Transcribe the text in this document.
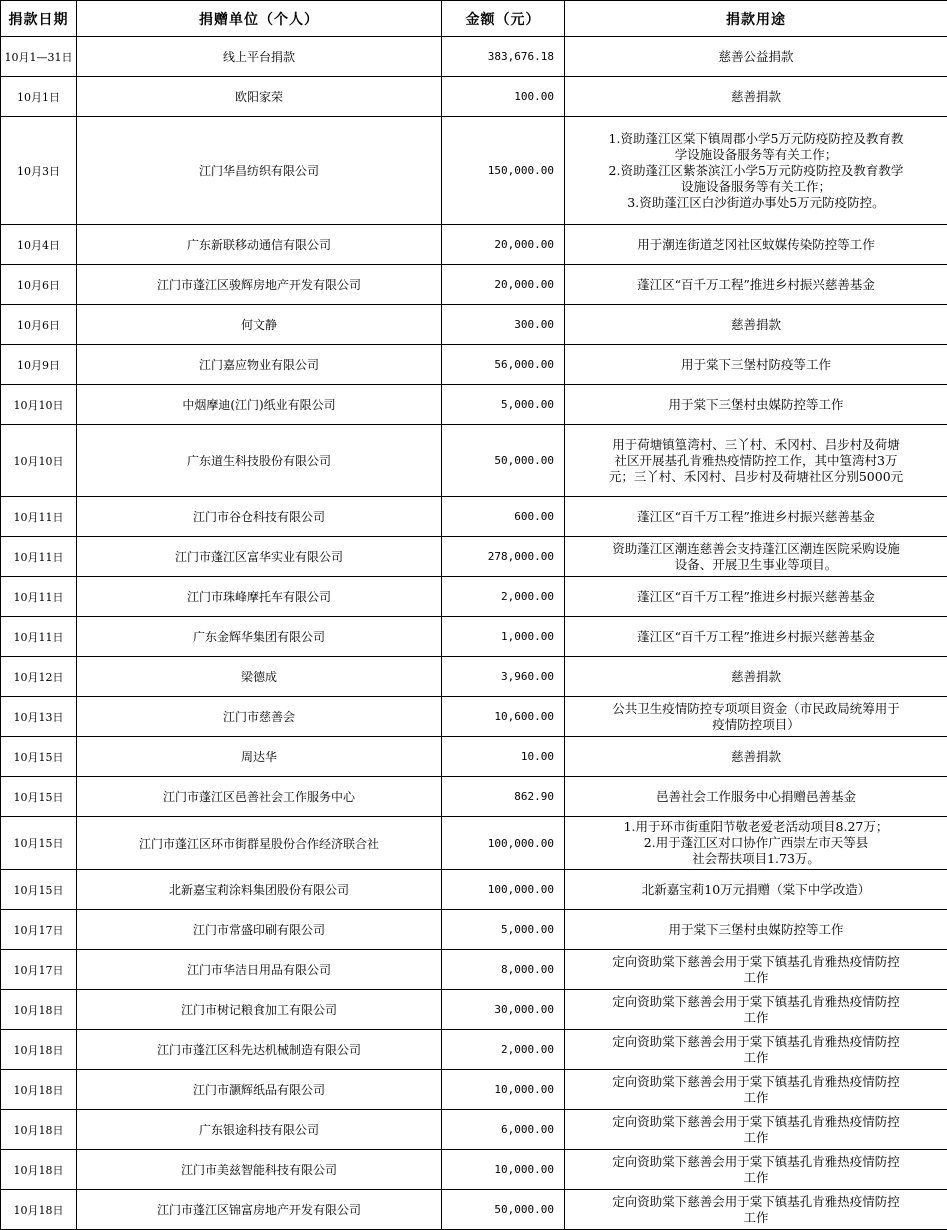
捐款日期	捐赠单位（个人）	金额（元）	捐款用途
10月1—31日	线上平台捐款	383,676.18	慈善公益捐款

10月1日	欧阳家荣	100.00	慈善捐款

10月3日	江门华昌纺织有限公司	150,000.00	1.资助蓬江区棠下镇周郡小学5万元防疫防控及教育教
学设施设备服务等有关工作；
2.资助蓬江区紫茶滨江小学5万元防疫防控及教育教学
设施设备服务等有关工作；
3.资助蓬江区白沙街道办事处5万元防疫防控。

10月4日	广东新联移动通信有限公司	20,000.00	用于潮连街道芝冈社区蚊媒传染防控等工作

10月6日	江门市蓬江区骏辉房地产开发有限公司	20,000.00	蓬江区“百千万工程”推进乡村振兴慈善基金

10月6日	何文静	300.00	慈善捐款

10月9日	江门嘉应物业有限公司	56,000.00	用于棠下三堡村防疫等工作

10月10日	中烟摩迪(江门)纸业有限公司	5,000.00	用于棠下三堡村虫媒防控等工作

10月10日	广东道生科技股份有限公司	50,000.00	用于荷塘镇篁湾村、三丫村、禾冈村、吕步村及荷塘
社区开展基孔肯雅热疫情防控工作，其中篁湾村3万
元；三丫村、禾冈村、吕步村及荷塘社区分别5000元

10月11日	江门市谷仓科技有限公司	600.00	蓬江区“百千万工程”推进乡村振兴慈善基金

10月11日	江门市蓬江区富华实业有限公司	278,000.00	资助蓬江区潮连慈善会支持蓬江区潮连医院采购设施
设备、开展卫生事业等项目。

10月11日	江门市珠峰摩托车有限公司	2,000.00	蓬江区“百千万工程”推进乡村振兴慈善基金

10月11日	广东金辉华集团有限公司	1,000.00	蓬江区“百千万工程”推进乡村振兴慈善基金

10月12日	梁德成	3,960.00	慈善捐款

10月13日	江门市慈善会	10,600.00	公共卫生疫情防控专项项目资金（市民政局统筹用于
疫情防控项目）

10月15日	周达华	10.00	慈善捐款

10月15日	江门市蓬江区邑善社会工作服务中心	862.90	邑善社会工作服务中心捐赠邑善基金

10月15日	江门市蓬江区环市街群星股份合作经济联合社	100,000.00	1.用于环市街重阳节敬老爱老活动项目8.27万；
2.用于蓬江区对口协作广西崇左市天等县
社会帮扶项目1.73万。

10月15日	北新嘉宝莉涂料集团股份有限公司	100,000.00	北新嘉宝莉10万元捐赠（棠下中学改造）

10月17日	江门市常盛印刷有限公司	5,000.00	用于棠下三堡村虫媒防控等工作

10月17日	江门市华洁日用品有限公司	8,000.00	定向资助棠下慈善会用于棠下镇基孔肯雅热疫情防控
工作

10月18日	江门市树记粮食加工有限公司	30,000.00	定向资助棠下慈善会用于棠下镇基孔肯雅热疫情防控
工作

10月18日	江门市蓬江区科先达机械制造有限公司	2,000.00	定向资助棠下慈善会用于棠下镇基孔肯雅热疫情防控
工作

10月18日	江门市灏辉纸品有限公司	10,000.00	定向资助棠下慈善会用于棠下镇基孔肯雅热疫情防控
工作

10月18日	广东银途科技有限公司	6,000.00	定向资助棠下慈善会用于棠下镇基孔肯雅热疫情防控
工作

10月18日	江门市美兹智能科技有限公司	10,000.00	定向资助棠下慈善会用于棠下镇基孔肯雅热疫情防控
工作

10月18日	江门市蓬江区锦富房地产开发有限公司	50,000.00	定向资助棠下慈善会用于棠下镇基孔肯雅热疫情防控
工作
